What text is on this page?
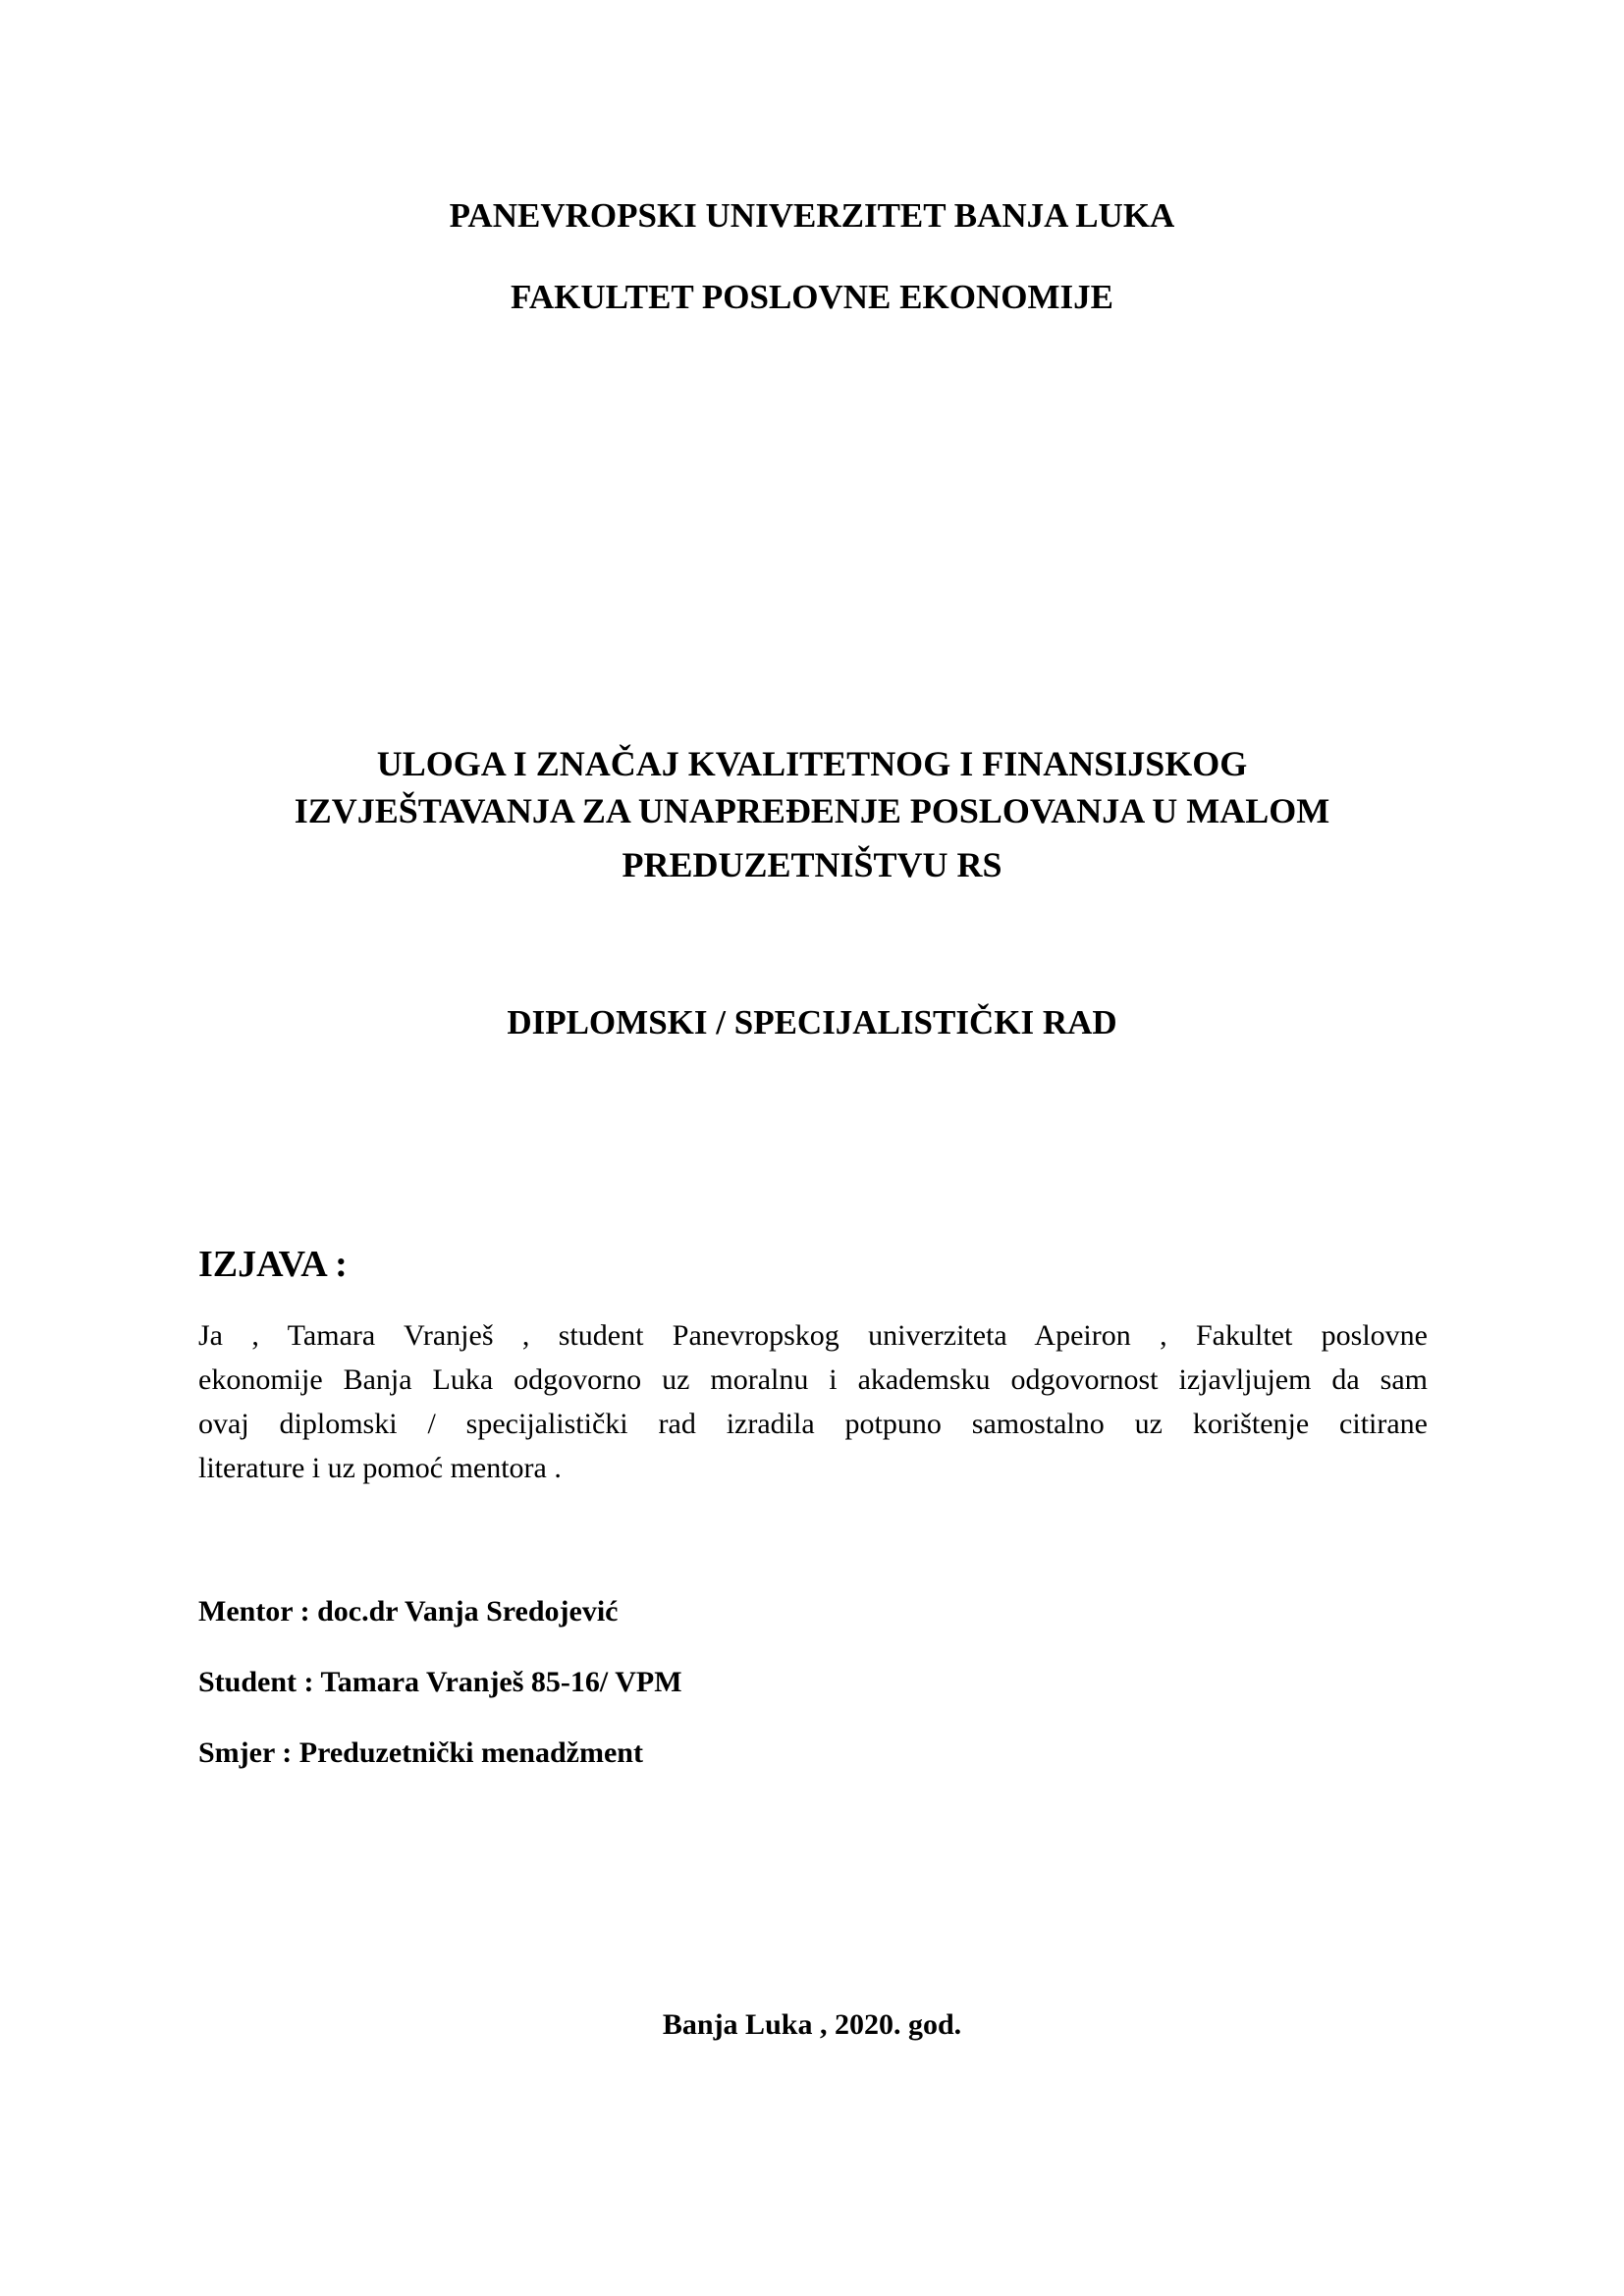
PANEVROPSKI UNIVERZITET BANJA LUKA
FAKULTET POSLOVNE EKONOMIJE
ULOGA I ZNAČAJ KVALITETNOG I FINANSIJSKOG
IZVJEŠTAVANJA ZA UNAPREĐENJE POSLOVANJA U MALOM
PREDUZETNIŠTVU RS
DIPLOMSKI / SPECIJALISTIČKI RAD
IZJAVA :
Ja , Tamara Vranješ , student Panevropskog univerziteta Apeiron , Fakultet poslovne
ekonomije Banja Luka odgovorno uz moralnu i akademsku odgovornost izjavljujem da sam
ovaj diplomski / specijalistički rad izradila potpuno samostalno uz korištenje citirane
literature i uz pomoć mentora .
Mentor : doc.dr Vanja Sredojević
Student : Tamara Vranješ 85-16/ VPM
Smjer : Preduzetnički menadžment
Banja Luka , 2020. god.
